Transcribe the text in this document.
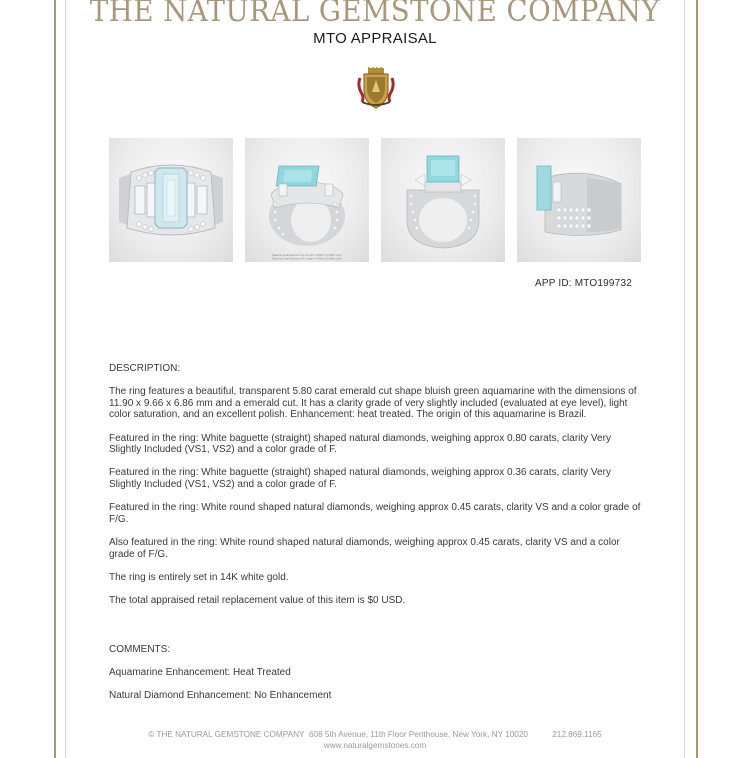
THE NATURAL GEMSTONE COMPANY
MTO APPRAISAL
Bearing Dual Diamond 'E' Length: 0.080ct (0.065ct min)
Bearing Dual Diamond 'B' Length: 0.060ct (0.040ct min)
APP ID: MTO199732
DESCRIPTION:

The ring features a beautiful, transparent 5.80 carat emerald cut shape bluish green aquamarine with the dimensions of 11.90 x 9.66 x 6.86 mm and a emerald cut. It has a clarity grade of very slightly included (evaluated at eye level), light color saturation, and an excellent polish. Enhancement: heat treated. The origin of this aquamarine is Brazil.

Featured in the ring: White baguette (straight) shaped natural diamonds, weighing approx 0.80 carats, clarity Very Slightly Included (VS1, VS2) and a color grade of F.

Featured in the ring: White baguette (straight) shaped natural diamonds, weighing approx 0.36 carats, clarity Very Slightly Included (VS1, VS2) and a color grade of F.

Featured in the ring: White round shaped natural diamonds, weighing approx 0.45 carats, clarity VS and a color grade of F/G.

Also featured in the ring: White round shaped natural diamonds, weighing approx 0.45 carats, clarity VS and a color grade of F/G.

The ring is entirely set in 14K white gold.

The total appraised retail replacement value of this item is $0 USD.

COMMENTS:

Aquamarine Enhancement: Heat Treated

Natural Diamond Enhancement: No Enhancement

© THE NATURAL GEMSTONE COMPANY 608 5th Avenue, 11th Floor Penthouse, New York, NY 10020	212.869.1165
www.naturalgemstones.com
